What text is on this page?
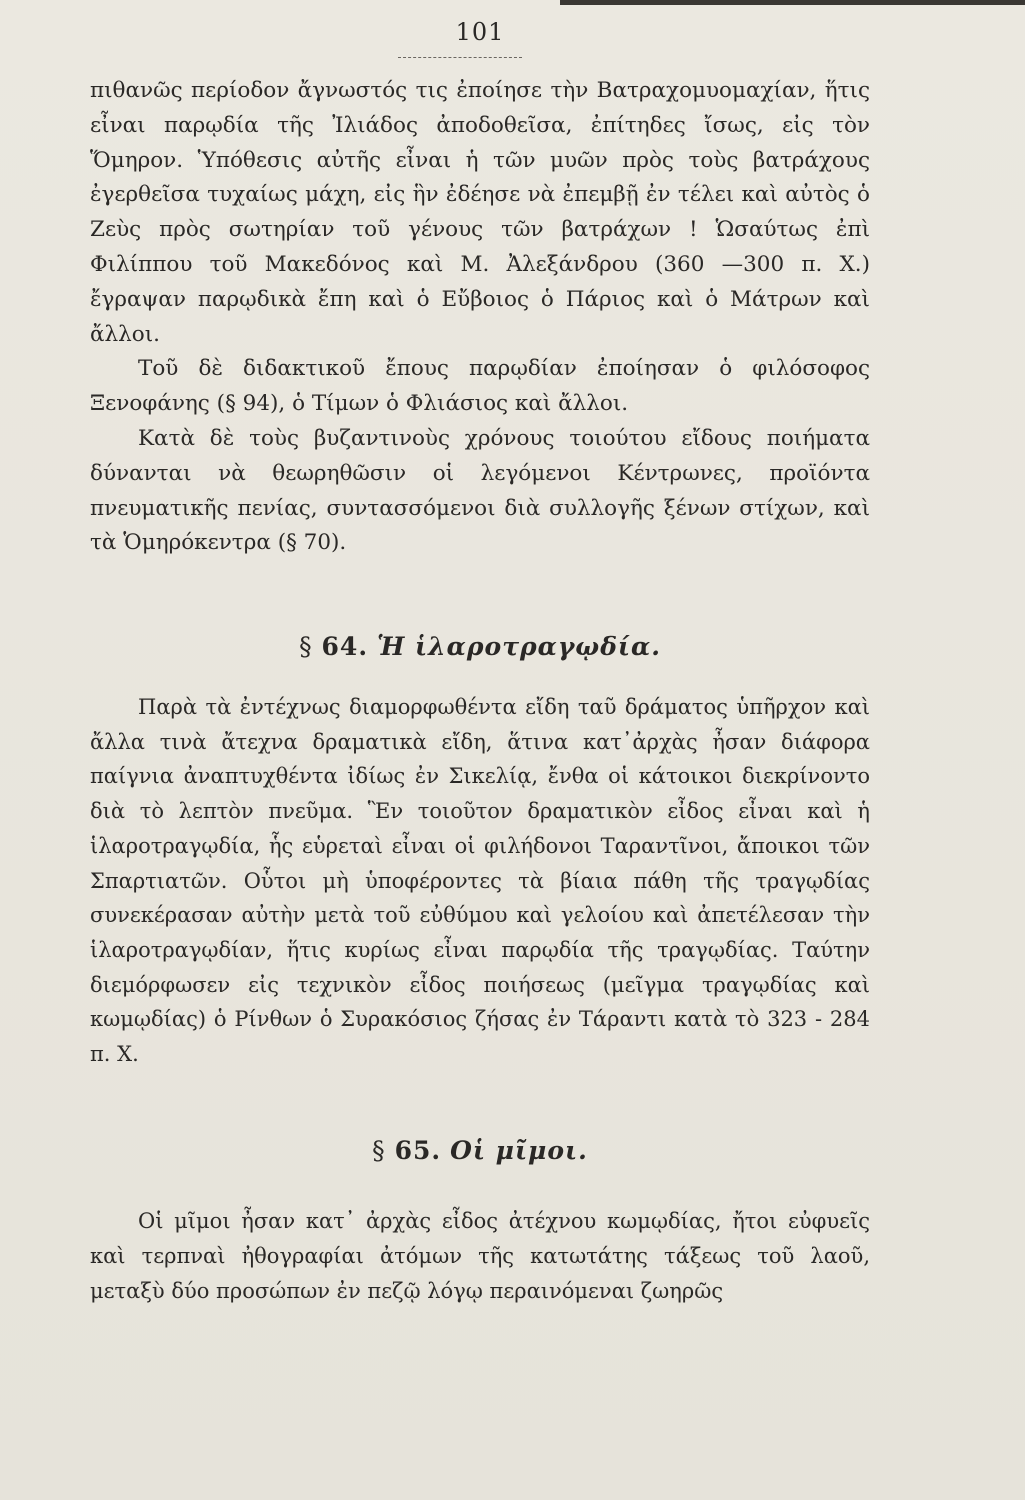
101

πιθανῶς περίοδον ἄγνωστός τις ἐποίησε τὴν Βατραχομυομαχίαν, ἥτις εἶναι παρῳδία τῆς Ἰλιάδος ἀποδοθεῖσα, ἐπίτηδες ἴσως, εἰς τὸν Ὅμηρον. Ὑπόθεσις αὐτῆς εἶναι ἡ τῶν μυῶν πρὸς τοὺς βατράχους ἐγερθεῖσα τυχαίως μάχη, εἰς ἣν ἐδέησε νὰ ἐπεμβῇ ἐν τέλει καὶ αὐτὸς ὁ Ζεὺς πρὸς σωτηρίαν τοῦ γένους τῶν βατράχων ! Ὡσαύτως ἐπὶ Φιλίππου τοῦ Μακεδόνος καὶ Μ. Ἀλεξάνδρου (360 —300 π. Χ.) ἔγραψαν παρῳδικὰ ἔπη καὶ ὁ Εὔβοιος ὁ Πάριος καὶ ὁ Μάτρων καὶ ἄλλοι.

Τοῦ δὲ διδακτικοῦ ἔπους παρῳδίαν ἐποίησαν ὁ φιλόσοφος Ξενοφάνης (§ 94), ὁ Τίμων ὁ Φλιάσιος καὶ ἄλλοι.

Κατὰ δὲ τοὺς βυζαντινοὺς χρόνους τοιούτου εἴδους ποιήματα δύνανται νὰ θεωρηθῶσιν οἱ λεγόμενοι Κέντρωνες, προϊόντα πνευματικῆς πενίας, συντασσόμενοι διὰ συλλογῆς ξένων στίχων, καὶ τὰ Ὁμηρόκεντρα (§ 70).

§ 64. Ἡ ἱλαροτραγῳδία.

Παρὰ τὰ ἐντέχνως διαμορφωθέντα εἴδη ταῦ δράματος ὑπῆρχον καὶ ἄλλα τινὰ ἄτεχνα δραματικὰ εἴδη, ἅτινα κατ᾽ἀρχὰς ἦσαν διάφορα παίγνια ἀναπτυχθέντα ἰδίως ἐν Σικελίᾳ, ἔνθα οἱ κάτοικοι διεκρίνοντο διὰ τὸ λεπτὸν πνεῦμα. Ἓν τοιοῦτον δραματικὸν εἶδος εἶναι καὶ ἡ ἱλαροτραγῳδία, ἧς εὑρεταὶ εἶναι οἱ φιλήδονοι Ταραντῖνοι, ἄποικοι τῶν Σπαρτιατῶν. Οὗτοι μὴ ὑποφέροντες τὰ βίαια πάθη τῆς τραγῳδίας συνεκέρασαν αὐτὴν μετὰ τοῦ εὐθύμου καὶ γελοίου καὶ ἀπετέλεσαν τὴν ἱλαροτραγῳδίαν, ἥτις κυρίως εἶναι παρῳδία τῆς τραγῳδίας. Ταύτην διεμόρφωσεν εἰς τεχνικὸν εἶδος ποιήσεως (μεῖγμα τραγῳδίας καὶ κωμῳδίας) ὁ Ρίνθων ὁ Συρακόσιος ζήσας ἐν Τάραντι κατὰ τὸ 323 - 284 π. Χ.

§ 65. Οἱ μῖμοι.

Οἱ μῖμοι ἦσαν κατ᾽ ἀρχὰς εἶδος ἀτέχνου κωμῳδίας, ἤτοι εὐφυεῖς καὶ τερπναὶ ἠθογραφίαι ἀτόμων τῆς κατωτάτης τάξεως τοῦ λαοῦ, μεταξὺ δύο προσώπων ἐν πεζῷ λόγῳ περαινόμεναι ζωηρῶς
